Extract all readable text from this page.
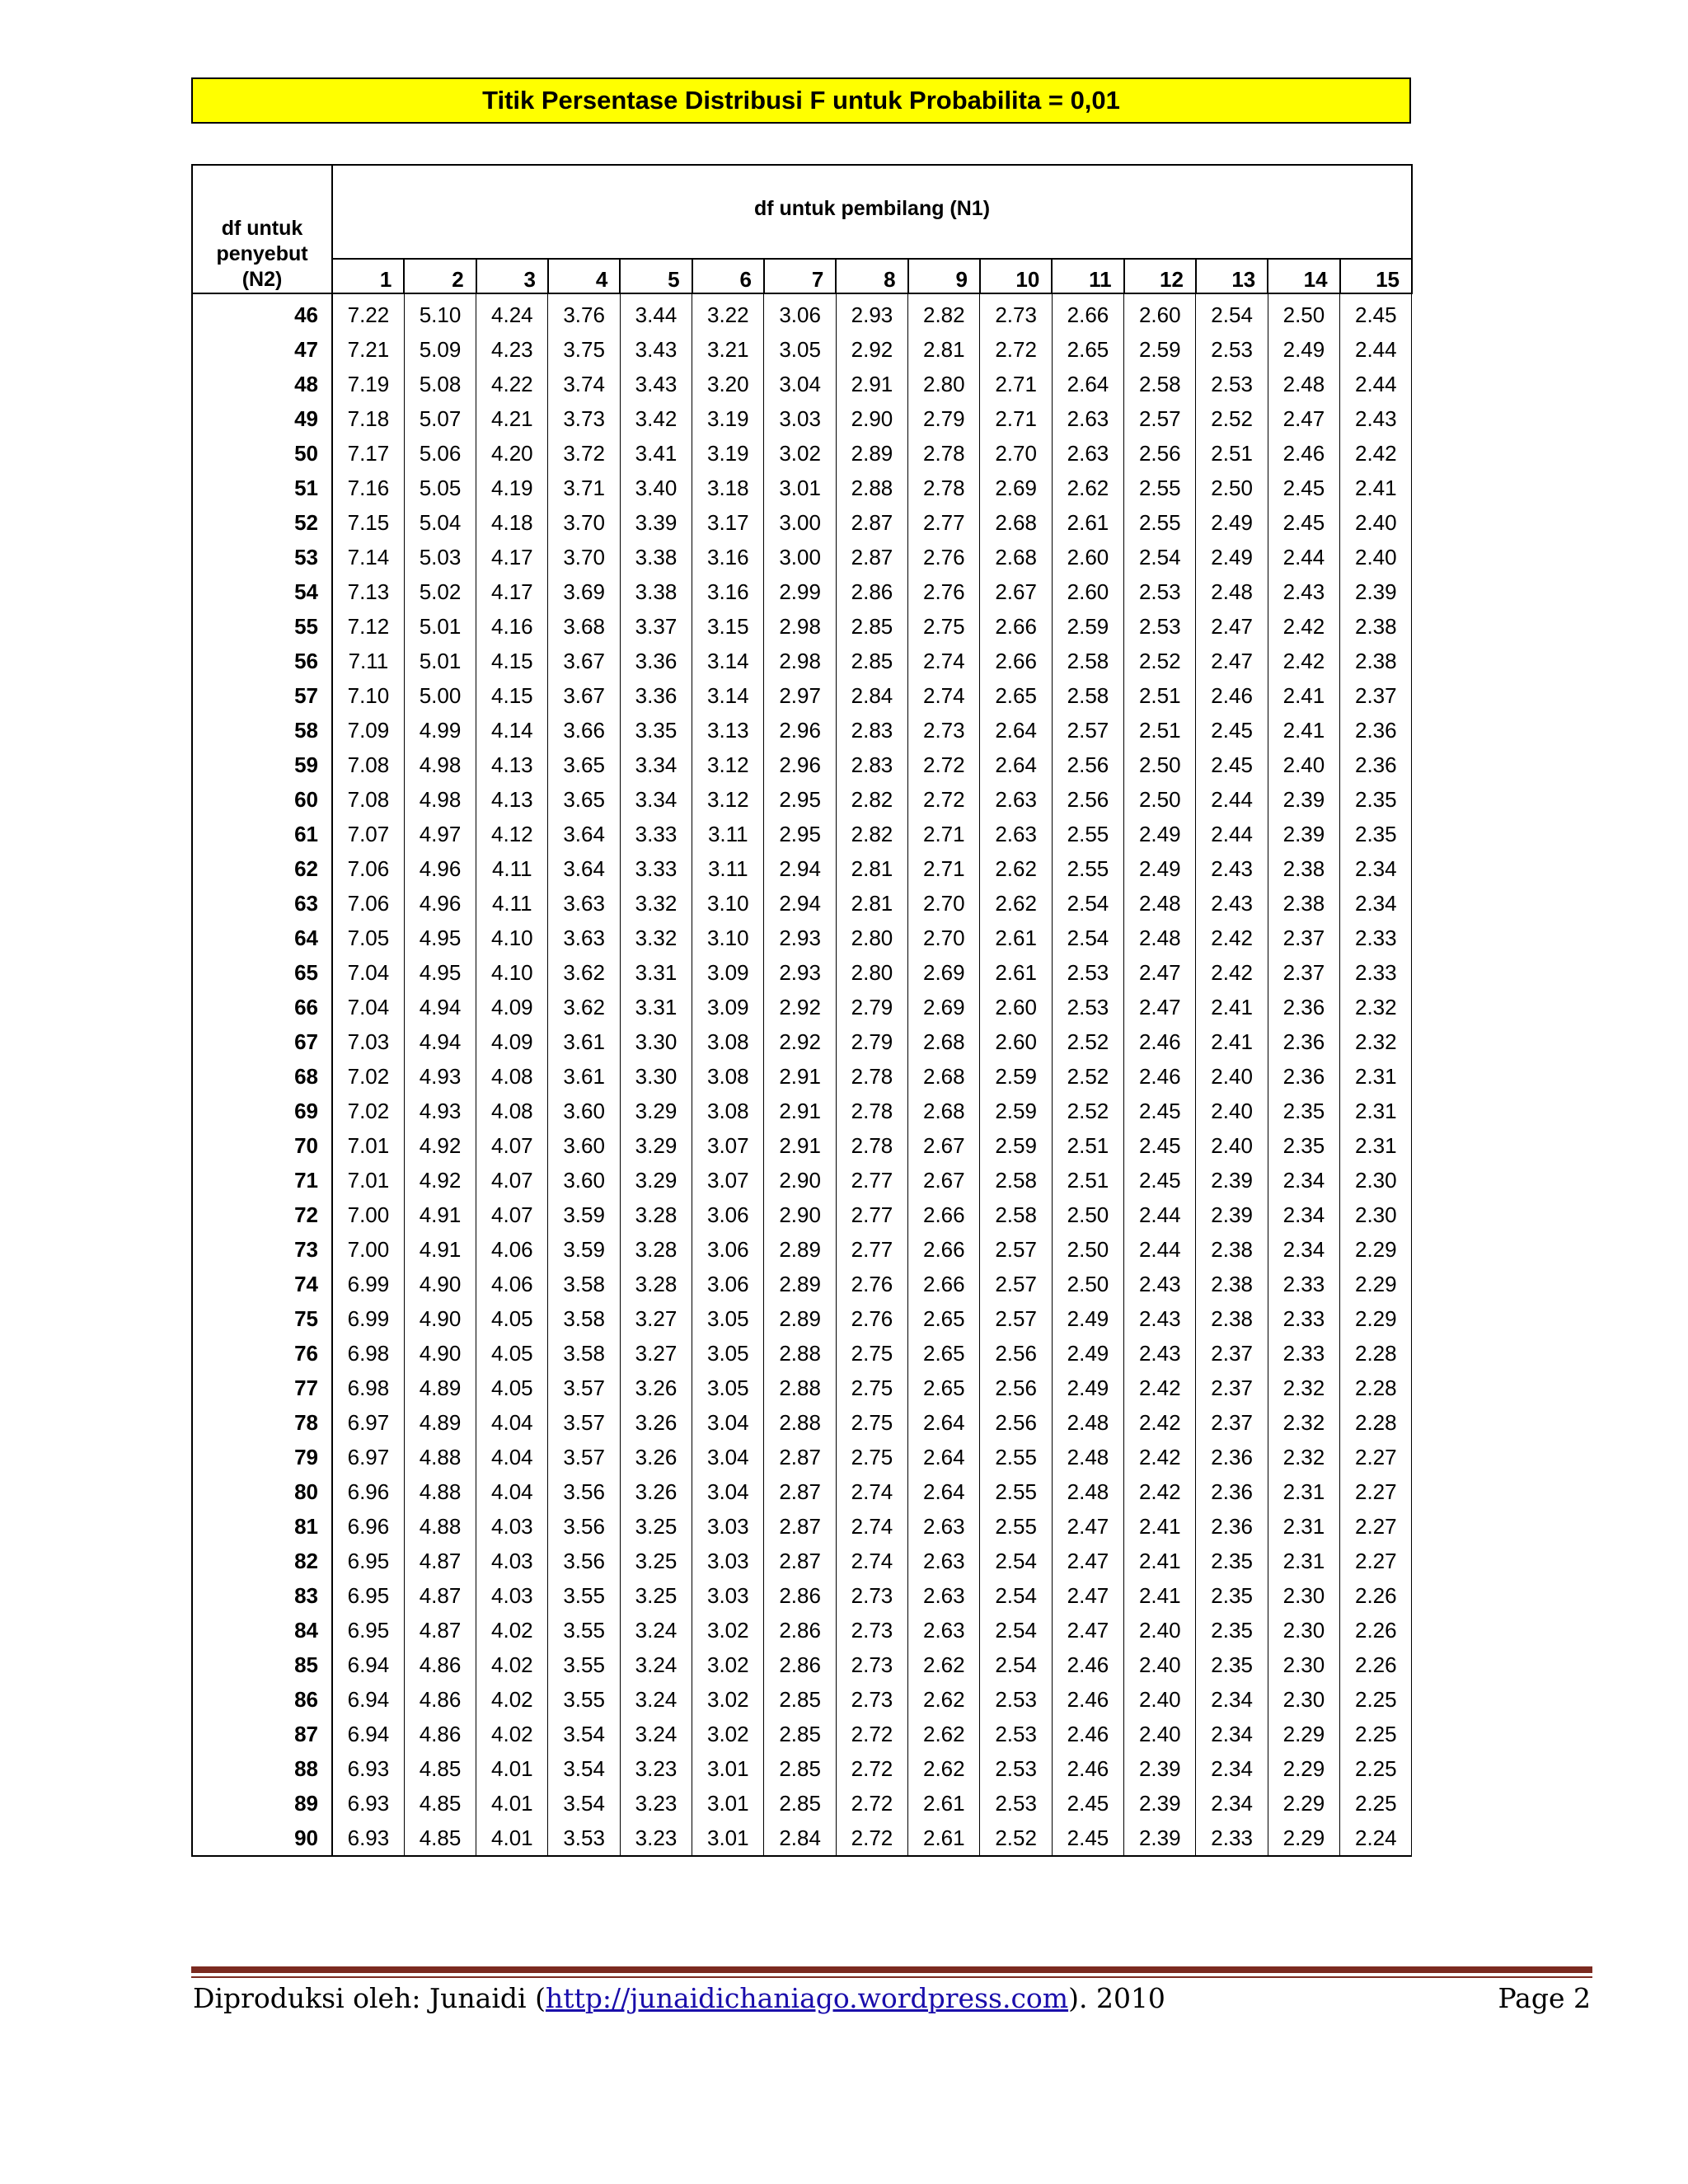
Titik Persentase Distribusi F untuk Probabilita = 0,01
df untuk
penyebut
(N2)	df untuk pembilang (N1)														
	1	2	3	4	5	6	7	8	9	10	11	12	13	14	15
46	7.22	5.10	4.24	3.76	3.44	3.22	3.06	2.93	2.82	2.73	2.66	2.60	2.54	2.50	2.45
47	7.21	5.09	4.23	3.75	3.43	3.21	3.05	2.92	2.81	2.72	2.65	2.59	2.53	2.49	2.44
48	7.19	5.08	4.22	3.74	3.43	3.20	3.04	2.91	2.80	2.71	2.64	2.58	2.53	2.48	2.44
49	7.18	5.07	4.21	3.73	3.42	3.19	3.03	2.90	2.79	2.71	2.63	2.57	2.52	2.47	2.43
50	7.17	5.06	4.20	3.72	3.41	3.19	3.02	2.89	2.78	2.70	2.63	2.56	2.51	2.46	2.42
51	7.16	5.05	4.19	3.71	3.40	3.18	3.01	2.88	2.78	2.69	2.62	2.55	2.50	2.45	2.41
52	7.15	5.04	4.18	3.70	3.39	3.17	3.00	2.87	2.77	2.68	2.61	2.55	2.49	2.45	2.40
53	7.14	5.03	4.17	3.70	3.38	3.16	3.00	2.87	2.76	2.68	2.60	2.54	2.49	2.44	2.40
54	7.13	5.02	4.17	3.69	3.38	3.16	2.99	2.86	2.76	2.67	2.60	2.53	2.48	2.43	2.39
55	7.12	5.01	4.16	3.68	3.37	3.15	2.98	2.85	2.75	2.66	2.59	2.53	2.47	2.42	2.38
56	7.11	5.01	4.15	3.67	3.36	3.14	2.98	2.85	2.74	2.66	2.58	2.52	2.47	2.42	2.38
57	7.10	5.00	4.15	3.67	3.36	3.14	2.97	2.84	2.74	2.65	2.58	2.51	2.46	2.41	2.37
58	7.09	4.99	4.14	3.66	3.35	3.13	2.96	2.83	2.73	2.64	2.57	2.51	2.45	2.41	2.36
59	7.08	4.98	4.13	3.65	3.34	3.12	2.96	2.83	2.72	2.64	2.56	2.50	2.45	2.40	2.36
60	7.08	4.98	4.13	3.65	3.34	3.12	2.95	2.82	2.72	2.63	2.56	2.50	2.44	2.39	2.35
61	7.07	4.97	4.12	3.64	3.33	3.11	2.95	2.82	2.71	2.63	2.55	2.49	2.44	2.39	2.35
62	7.06	4.96	4.11	3.64	3.33	3.11	2.94	2.81	2.71	2.62	2.55	2.49	2.43	2.38	2.34
63	7.06	4.96	4.11	3.63	3.32	3.10	2.94	2.81	2.70	2.62	2.54	2.48	2.43	2.38	2.34
64	7.05	4.95	4.10	3.63	3.32	3.10	2.93	2.80	2.70	2.61	2.54	2.48	2.42	2.37	2.33
65	7.04	4.95	4.10	3.62	3.31	3.09	2.93	2.80	2.69	2.61	2.53	2.47	2.42	2.37	2.33
66	7.04	4.94	4.09	3.62	3.31	3.09	2.92	2.79	2.69	2.60	2.53	2.47	2.41	2.36	2.32
67	7.03	4.94	4.09	3.61	3.30	3.08	2.92	2.79	2.68	2.60	2.52	2.46	2.41	2.36	2.32
68	7.02	4.93	4.08	3.61	3.30	3.08	2.91	2.78	2.68	2.59	2.52	2.46	2.40	2.36	2.31
69	7.02	4.93	4.08	3.60	3.29	3.08	2.91	2.78	2.68	2.59	2.52	2.45	2.40	2.35	2.31
70	7.01	4.92	4.07	3.60	3.29	3.07	2.91	2.78	2.67	2.59	2.51	2.45	2.40	2.35	2.31
71	7.01	4.92	4.07	3.60	3.29	3.07	2.90	2.77	2.67	2.58	2.51	2.45	2.39	2.34	2.30
72	7.00	4.91	4.07	3.59	3.28	3.06	2.90	2.77	2.66	2.58	2.50	2.44	2.39	2.34	2.30
73	7.00	4.91	4.06	3.59	3.28	3.06	2.89	2.77	2.66	2.57	2.50	2.44	2.38	2.34	2.29
74	6.99	4.90	4.06	3.58	3.28	3.06	2.89	2.76	2.66	2.57	2.50	2.43	2.38	2.33	2.29
75	6.99	4.90	4.05	3.58	3.27	3.05	2.89	2.76	2.65	2.57	2.49	2.43	2.38	2.33	2.29
76	6.98	4.90	4.05	3.58	3.27	3.05	2.88	2.75	2.65	2.56	2.49	2.43	2.37	2.33	2.28
77	6.98	4.89	4.05	3.57	3.26	3.05	2.88	2.75	2.65	2.56	2.49	2.42	2.37	2.32	2.28
78	6.97	4.89	4.04	3.57	3.26	3.04	2.88	2.75	2.64	2.56	2.48	2.42	2.37	2.32	2.28
79	6.97	4.88	4.04	3.57	3.26	3.04	2.87	2.75	2.64	2.55	2.48	2.42	2.36	2.32	2.27
80	6.96	4.88	4.04	3.56	3.26	3.04	2.87	2.74	2.64	2.55	2.48	2.42	2.36	2.31	2.27
81	6.96	4.88	4.03	3.56	3.25	3.03	2.87	2.74	2.63	2.55	2.47	2.41	2.36	2.31	2.27
82	6.95	4.87	4.03	3.56	3.25	3.03	2.87	2.74	2.63	2.54	2.47	2.41	2.35	2.31	2.27
83	6.95	4.87	4.03	3.55	3.25	3.03	2.86	2.73	2.63	2.54	2.47	2.41	2.35	2.30	2.26
84	6.95	4.87	4.02	3.55	3.24	3.02	2.86	2.73	2.63	2.54	2.47	2.40	2.35	2.30	2.26
85	6.94	4.86	4.02	3.55	3.24	3.02	2.86	2.73	2.62	2.54	2.46	2.40	2.35	2.30	2.26
86	6.94	4.86	4.02	3.55	3.24	3.02	2.85	2.73	2.62	2.53	2.46	2.40	2.34	2.30	2.25
87	6.94	4.86	4.02	3.54	3.24	3.02	2.85	2.72	2.62	2.53	2.46	2.40	2.34	2.29	2.25
88	6.93	4.85	4.01	3.54	3.23	3.01	2.85	2.72	2.62	2.53	2.46	2.39	2.34	2.29	2.25
89	6.93	4.85	4.01	3.54	3.23	3.01	2.85	2.72	2.61	2.53	2.45	2.39	2.34	2.29	2.25
90	6.93	4.85	4.01	3.53	3.23	3.01	2.84	2.72	2.61	2.52	2.45	2.39	2.33	2.29	2.24
Diproduksi oleh: Junaidi (http://junaidichaniago.wordpress.com). 2010	Page 2
